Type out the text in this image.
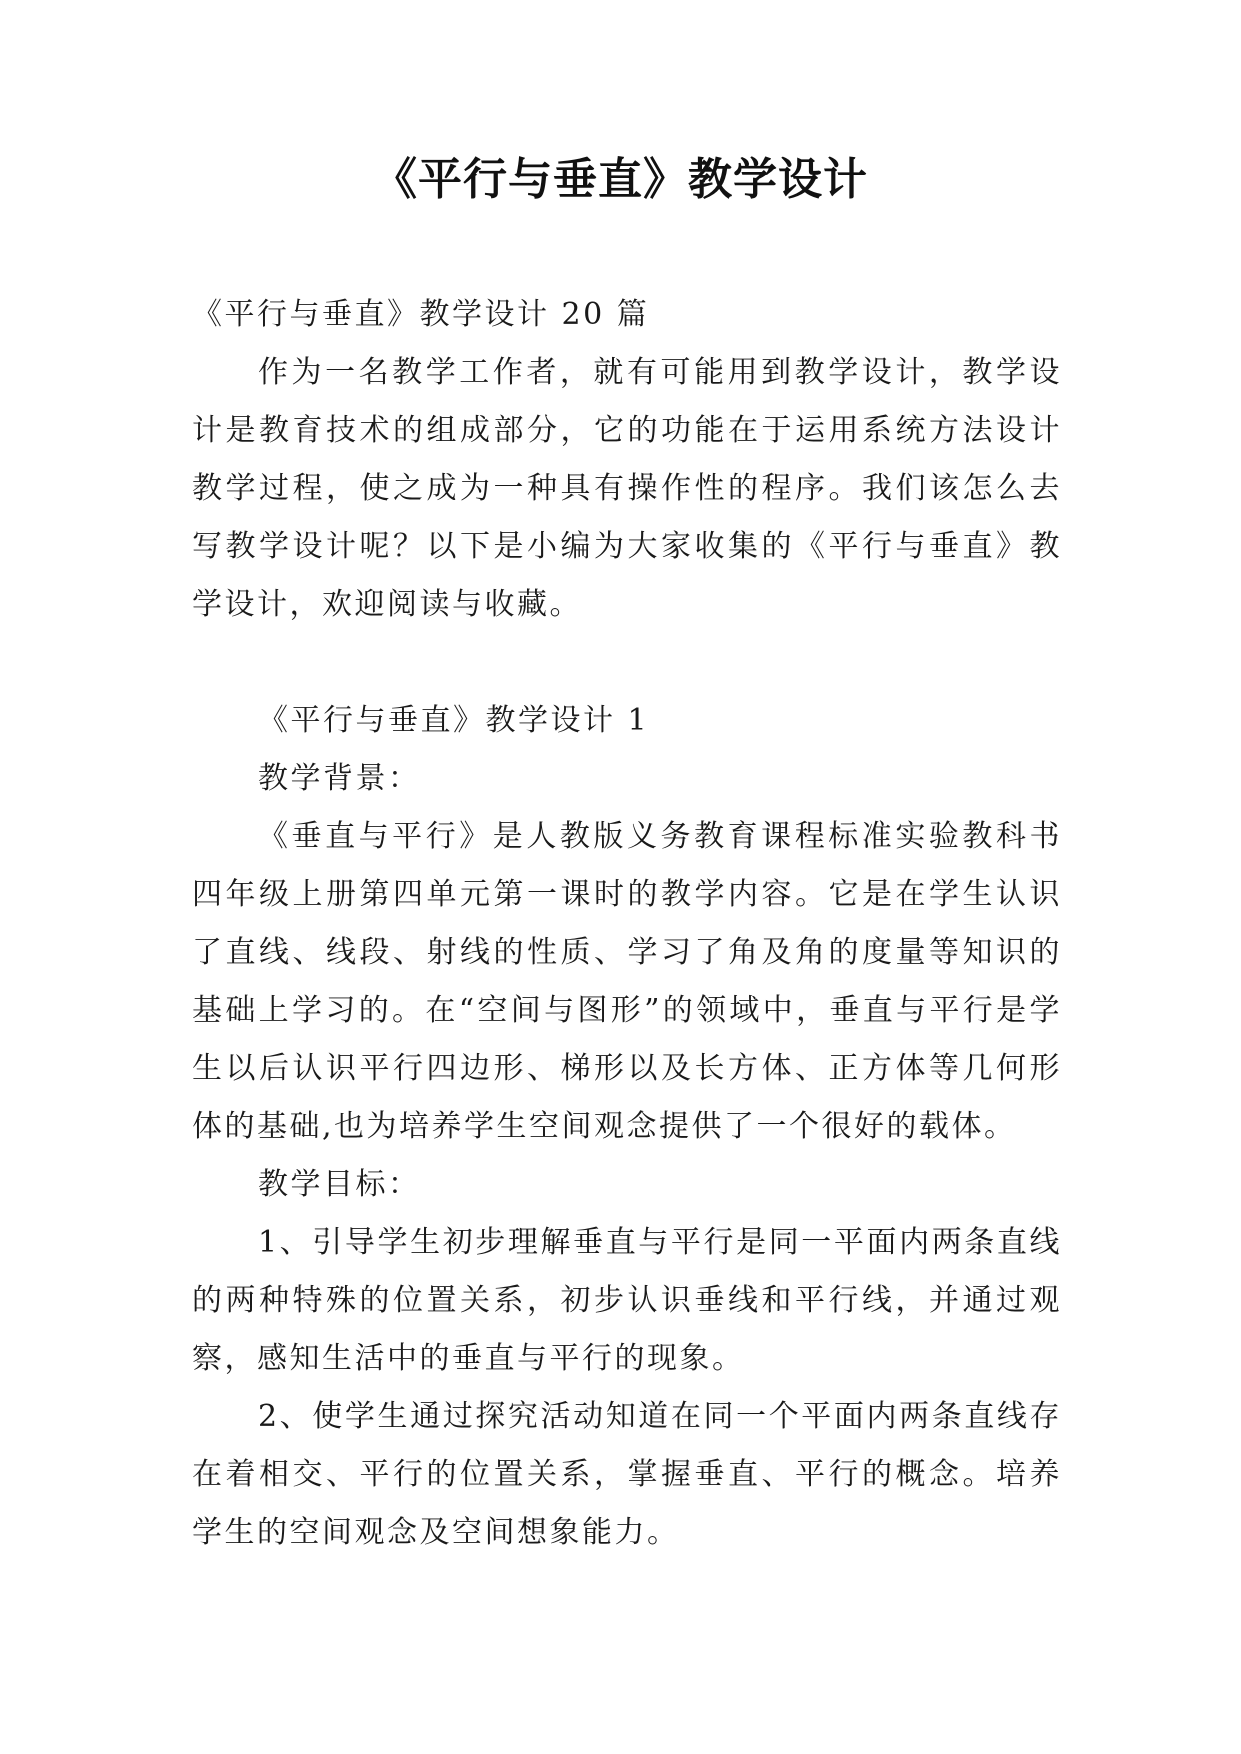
《平行与垂直》教学设计

《平行与垂直》教学设计 20 篇

作为一名教学工作者，就有可能用到教学设计，教学设计是教育技术的组成部分，它的功能在于运用系统方法设计教学过程，使之成为一种具有操作性的程序。我们该怎么去写教学设计呢？以下是小编为大家收集的《平行与垂直》教学设计，欢迎阅读与收藏。

《平行与垂直》教学设计 1

教学背景：

《垂直与平行》是人教版义务教育课程标准实验教科书四年级上册第四单元第一课时的教学内容。它是在学生认识了直线、线段、射线的性质、学习了角及角的度量等知识的基础上学习的。在“空间与图形”的领域中，垂直与平行是学生以后认识平行四边形、梯形以及长方体、正方体等几何形体的基础,也为培养学生空间观念提供了一个很好的载体。

教学目标：

1、引导学生初步理解垂直与平行是同一平面内两条直线的两种特殊的位置关系，初步认识垂线和平行线，并通过观察，感知生活中的垂直与平行的现象。

2、使学生通过探究活动知道在同一个平面内两条直线存在着相交、平行的位置关系，掌握垂直、平行的概念。培养学生的空间观念及空间想象能力。
